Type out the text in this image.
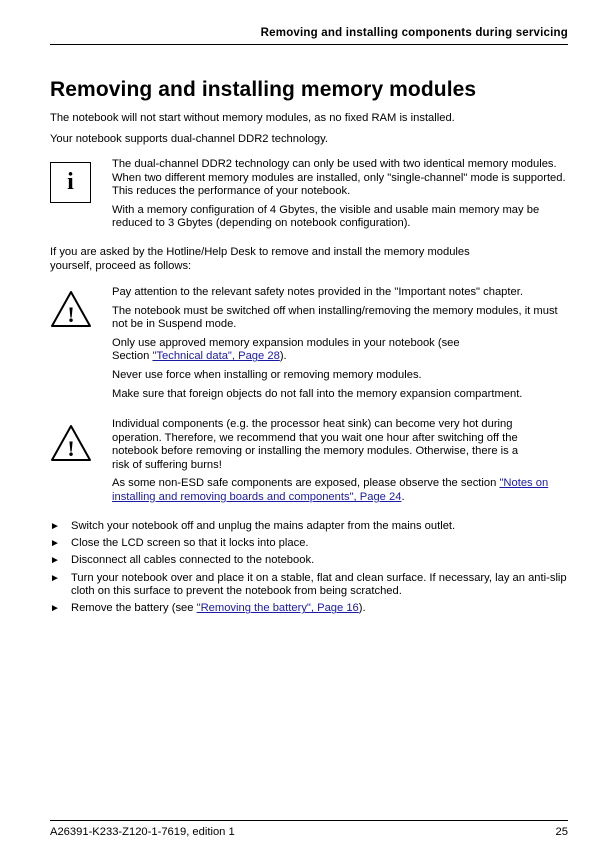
Removing and installing components during servicing
Removing and installing memory modules

The notebook will not start without memory modules, as no fixed RAM is installed.

Your notebook supports dual-channel DDR2 technology.

i

The dual-channel DDR2 technology can only be used with two identical memory modules. When two different memory modules are installed, only "single-channel" mode is supported. This reduces the performance of your notebook.

With a memory configuration of 4 Gbytes, the visible and usable main memory may be reduced to 3 Gbytes (depending on notebook configuration).

If you are asked by the Hotline/Help Desk to remove and install the memory modules yourself, proceed as follows:

!

Pay attention to the relevant safety notes provided in the "Important notes" chapter.

The notebook must be switched off when installing/removing the memory modules, it must not be in Suspend mode.

Only use approved memory expansion modules in your notebook (see Section "Technical data", Page 28).

Never use force when installing or removing memory modules.

Make sure that foreign objects do not fall into the memory expansion compartment.

!

Individual components (e.g. the processor heat sink) can become very hot during operation. Therefore, we recommend that you wait one hour after switching off the notebook before removing or installing the memory modules. Otherwise, there is a risk of suffering burns!

As some non-ESD safe components are exposed, please observe the section "Notes on installing and removing boards and components", Page 24.

► Switch your notebook off and unplug the mains adapter from the mains outlet.
► Close the LCD screen so that it locks into place.
► Disconnect all cables connected to the notebook.
► Turn your notebook over and place it on a stable, flat and clean surface. If necessary, lay an anti-slip cloth on this surface to prevent the notebook from being scratched.
► Remove the battery (see "Removing the battery", Page 16).
A26391-K233-Z120-1-7619, edition 1	25
